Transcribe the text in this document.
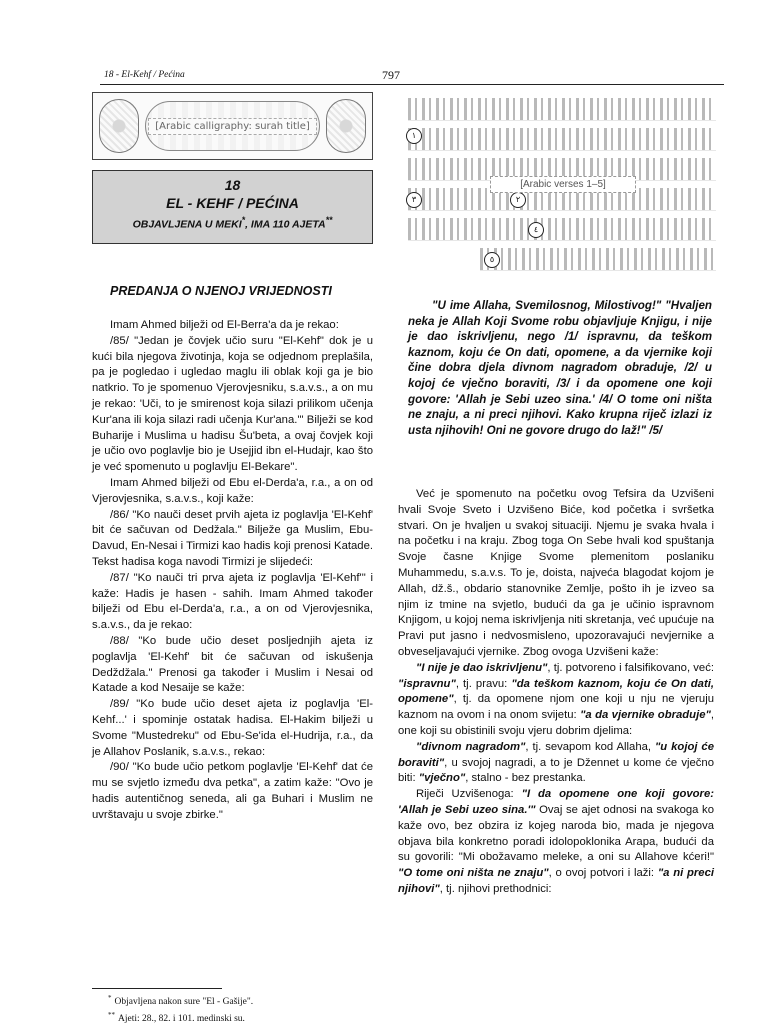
18 - El-Kehf / Pećina	797
[Arabic calligraphy: surah title]
18
EL - KEHF / PEĆINA
OBJAVLJENA U MEKI*, IMA 110 AJETA**
١
٢
٣
٤
٥
[Arabic verses 1–5]
PREDANJA O NJENOJ VRIJEDNOSTI

Imam Ahmed bilježi od El-Berra'a da je rekao:

/85/ "Jedan je čovjek učio suru "El-Kehf" dok je u kući bila njegova životinja, koja se odjednom preplašila, pa je pogledao i ugledao maglu ili oblak koji ga je bio natkrio. To je spomenuo Vjerovjesniku, s.a.v.s., a on mu je rekao: 'Uči, to je smirenost koja silazi prilikom učenja Kur'ana ili koja silazi radi učenja Kur'ana.'" Bilježi se kod Buharije i Muslima u hadisu Šu'beta, a ovaj čovjek koji je učio ovo poglavlje bio je Usejjid ibn el-Hudajr, kao što je već spomenuto u poglavlju El-Bekare".

Imam Ahmed bilježi od Ebu el-Derda'a, r.a., a on od Vjerovjesnika, s.a.v.s., koji kaže:

/86/ "Ko nauči deset prvih ajeta iz poglavlja 'El-Kehf' bit će sačuvan od Dedžala." Bilježe ga Muslim, Ebu-Davud, En-Nesai i Tirmizi kao hadis koji prenosi Katade. Tekst hadisa koga navodi Tirmizi je slijedeći:

/87/ "Ko nauči tri prva ajeta iz poglavlja 'El-Kehf'" i kaže: Hadis je hasen - sahih. Imam Ahmed također bilježi od Ebu el-Derda'a, r.a., a on od Vjerovjesnika, s.a.v.s., da je rekao:

/88/ "Ko bude učio deset posljednjih ajeta iz poglavlja 'El-Kehf' bit će sačuvan od iskušenja Dedždžala." Prenosi ga također i Muslim i Nesai od Katade a kod Nesaije se kaže:

/89/ "Ko bude učio deset ajeta iz poglavlja 'El-Kehf...' i spominje ostatak hadisa. El-Hakim bilježi u Svome "Mustedreku" od Ebu-Se'ida el-Hudrija, r.a., da je Allahov Poslanik, s.a.v.s., rekao:

/90/ "Ko bude učio petkom poglavlje 'El-Kehf' dat će mu se svjetlo između dva petka", a zatim kaže: "Ovo je hadis autentičnog seneda, ali ga Buhari i Muslim ne uvrštavaju u svoje zbirke."

"U ime Allaha, Svemilosnog, Milostivog!" "Hvaljen neka je Allah Koji Svome robu objavljuje Knjigu, i nije je dao iskrivljenu, nego /1/ ispravnu, da teškom kaznom, koju će On dati, opomene, a da vjernike koji čine dobra djela divnom nagradom obraduje, /2/ u kojoj će vječno boraviti, /3/ i da opomene one koji govore: 'Allah je Sebi uzeo sina.' /4/ O tome oni ništa ne znaju, a ni preci njihovi. Kako krupna riječ izlazi iz usta njihovih! Oni ne govore drugo do laž!" /5/

Već je spomenuto na početku ovog Tefsira da Uzvišeni hvali Svoje Sveto i Uzvišeno Biće, kod početka i svršetka stvari. On je hvaljen u svakoj situaciji. Njemu je svaka hvala i na početku i na kraju. Zbog toga On Sebe hvali kod spuštanja Svoje časne Knjige Svome plemenitom poslaniku Muhammedu, s.a.v.s. To je, doista, najveća blagodat kojom je Allah, dž.š., obdario stanovnike Zemlje, pošto ih je izveo sa njim iz tmine na svjetlo, budući da ga je učinio ispravnom Knjigom, u kojoj nema iskrivljenja niti skretanja, već upućuje na Pravi put jasno i nedvosmisleno, upozoravajući nevjernike a obveseljavajući vjernike. Zbog ovoga Uzvišeni kaže:

"I nije je dao iskrivljenu", tj. potvoreno i falsifikovano, već: "ispravnu", tj. pravu: "da teškom kaznom, koju će On dati, opomene", tj. da opomene njom one koji u nju ne vjeruju kaznom na ovom i na onom svijetu: "a da vjernike obraduje", one koji su obistinili svoju vjeru dobrim djelima:

"divnom nagradom", tj. sevapom kod Allaha, "u kojoj će boraviti", u svojoj nagradi, a to je Džennet u kome će vječno biti: "vječno", stalno - bez prestanka.

Riječi Uzvišenoga: "I da opomene one koji govore: 'Allah je Sebi uzeo sina.'" Ovaj se ajet odnosi na svakoga ko kaže ovo, bez obzira iz kojeg naroda bio, mada je njegova objava bila konkretno poradi idolopoklonika Arapa, budući da su govorili: "Mi obožavamo meleke, a oni su Allahove kćeri!" "O tome oni ništa ne znaju", o ovoj potvori i laži: "a ni preci njihovi", tj. njihovi prethodnici:

* Objavljena nakon sure "El - Gašije".
** Ajeti: 28., 82. i 101. medinski su.
